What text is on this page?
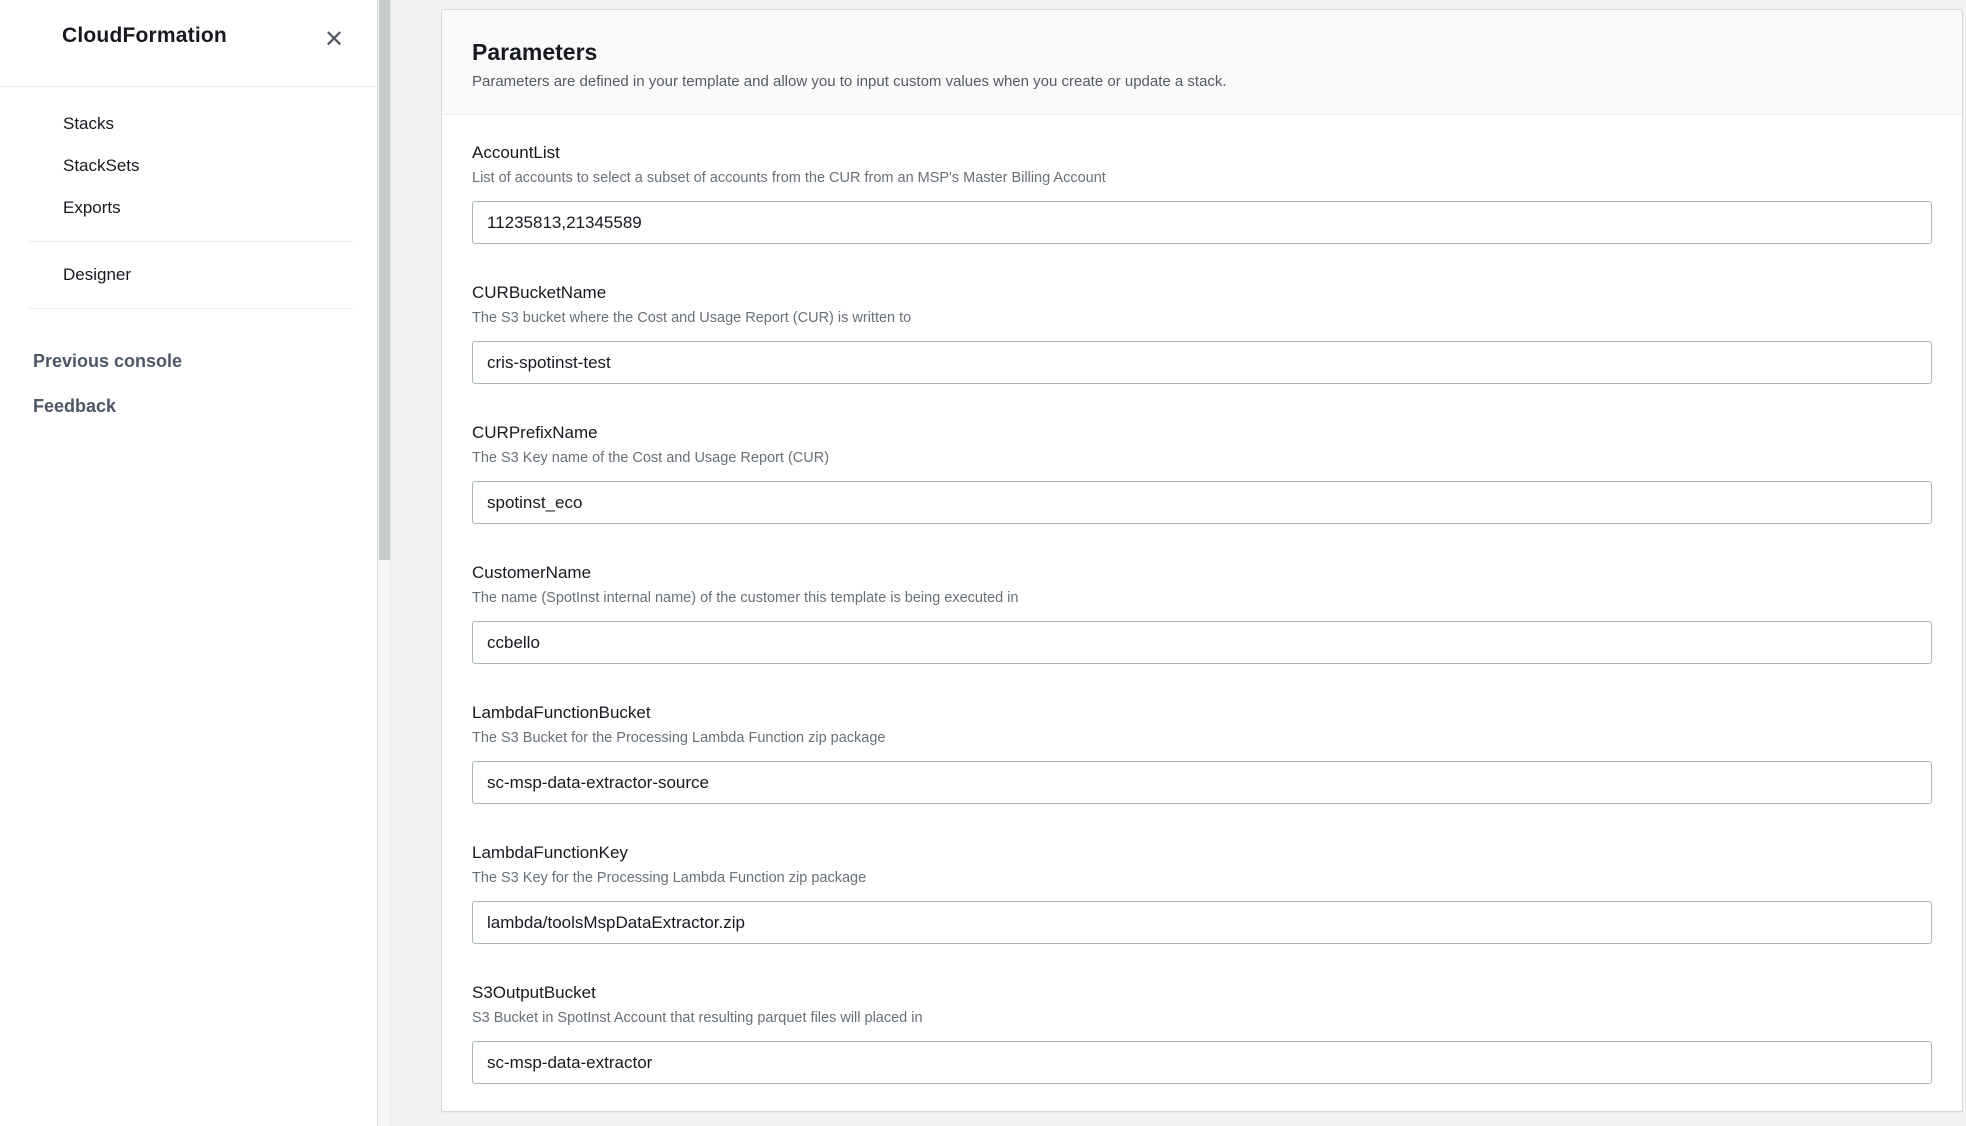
CloudFormation	✕
Stacks
StackSets
Exports
Designer
Previous console
Feedback
Parameters

Parameters are defined in your template and allow you to input custom values when you create or update a stack.

AccountList

List of accounts to select a subset of accounts from the CUR from an MSP's Master Billing Account

11235813,21345589
CURBucketName

The S3 bucket where the Cost and Usage Report (CUR) is written to

cris-spotinst-test
CURPrefixName

The S3 Key name of the Cost and Usage Report (CUR)

spotinst_eco
CustomerName

The name (SpotInst internal name) of the customer this template is being executed in

ccbello
LambdaFunctionBucket

The S3 Bucket for the Processing Lambda Function zip package

sc-msp-data-extractor-source
LambdaFunctionKey

The S3 Key for the Processing Lambda Function zip package

lambda/toolsMspDataExtractor.zip
S3OutputBucket

S3 Bucket in SpotInst Account that resulting parquet files will placed in

sc-msp-data-extractor
